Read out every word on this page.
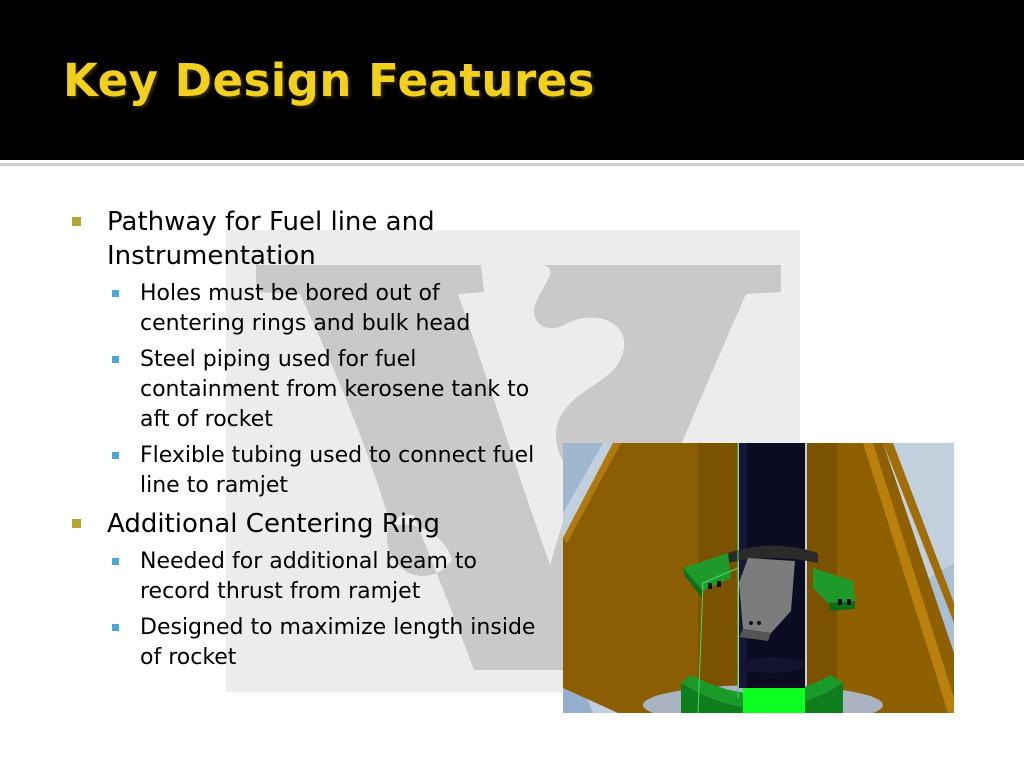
Key Design Features
Pathway for Fuel line and Instrumentation
Holes must be bored out of centering rings and bulk head
Steel piping used for fuel containment from kerosene tank to aft of rocket
Flexible tubing used to connect fuel line to ramjet
Additional Centering Ring
Needed for additional beam to record thrust from ramjet
Designed to maximize length inside of rocket
